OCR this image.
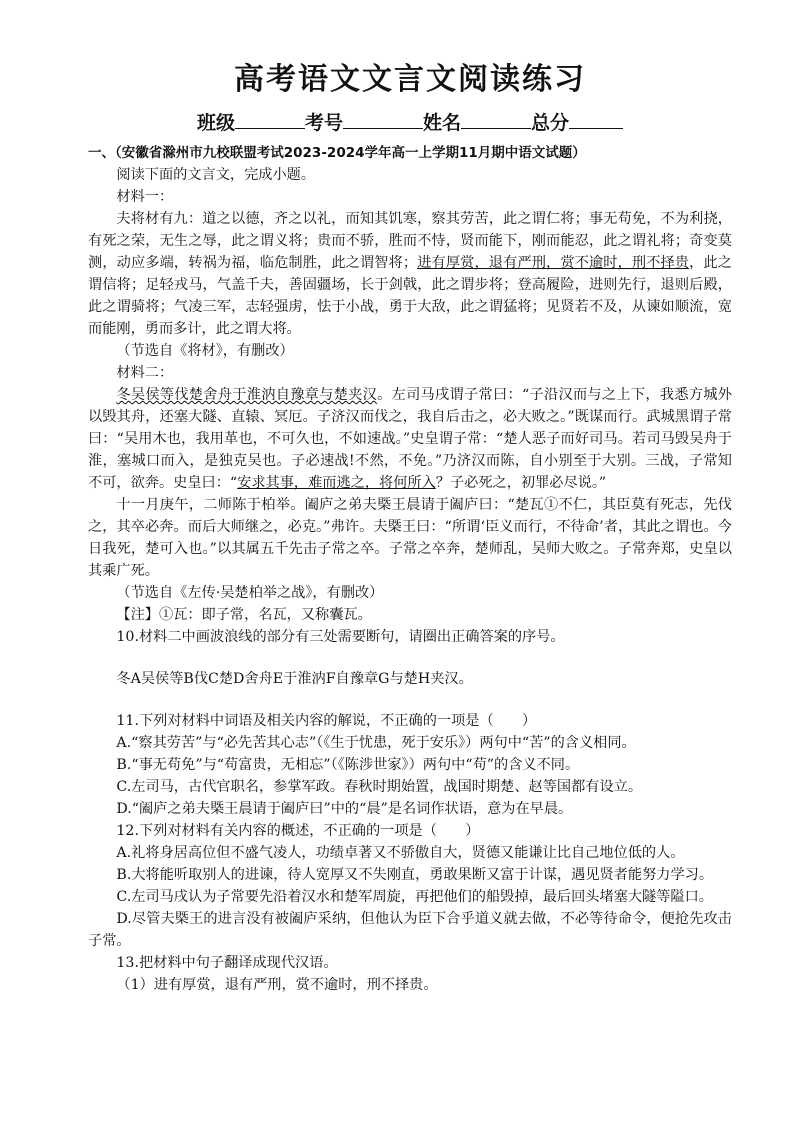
高考语文文言文阅读练习
班级	考号	姓名	总分

一、（安徽省滁州市九校联盟考试2023-2024学年高一上学期11月期中语文试题）

阅读下面的文言文，完成小题。

材料一：

夫将材有九：道之以德，齐之以礼，而知其饥寒，察其劳苦，此之谓仁将；事无苟免，不为利挠，有死之荣，无生之辱，此之谓义将；贵而不骄，胜而不恃，贤而能下，刚而能忍，此之谓礼将；奇变莫测，动应多端，转祸为福，临危制胜，此之谓智将；进有厚赏，退有严刑，赏不逾时，刑不择贵，此之谓信将；足轻戎马，气盖千夫，善固疆场，长于剑戟，此之谓步将；登高履险，进则先行，退则后殿，此之谓骑将；气凌三军，志轻强虏，怯于小战，勇于大敌，此之谓猛将；见贤若不及，从谏如顺流，宽而能刚，勇而多计，此之谓大将。

（节选自《将材》，有删改）

材料二：

冬吴侯等伐楚舍舟于淮汭自豫章与楚夹汉。左司马戌谓子常曰：“子沿汉而与之上下，我悉方城外以毁其舟，还塞大隧、直辕、冥厄。子济汉而伐之，我自后击之，必大败之。”既谋而行。武城黑谓子常曰：“吴用木也，我用革也，不可久也，不如速战。”史皇谓子常：“楚人恶子而好司马。若司马毁吴舟于淮，塞城口而入，是独克吴也。子必速战!不然，不免。”乃济汉而陈，自小别至于大别。三战，子常知不可，欲奔。史皇曰：“安求其事，难而逃之，将何所入？子必死之，初罪必尽说。”

十一月庚午，二师陈于柏举。阖庐之弟夫槩王晨请于阖庐曰：“楚瓦①不仁，其臣莫有死志，先伐之，其卒必奔。而后大师继之，必克。”弗许。夫槩王曰：“所谓‘臣义而行，不待命’者，其此之谓也。今日我死，楚可入也。”以其属五千先击子常之卒。子常之卒奔，楚师乱，吴师大败之。子常奔郑，史皇以其乘广死。

（节选自《左传·吴楚柏举之战》，有删改）

【注】①瓦：即子常，名瓦，又称囊瓦。

10.材料二中画波浪线的部分有三处需要断句，请圈出正确答案的序号。

冬A吴侯等B伐C楚D舍舟E于淮汭F自豫章G与楚H夹汉。

11.下列对材料中词语及相关内容的解说，不正确的一项是（　　）

A.“察其劳苦”与“必先苦其心志”（《生于忧患，死于安乐》）两句中“苦”的含义相同。

B.“事无苟免”与“苟富贵，无相忘”（《陈涉世家》）两句中“苟”的含义不同。

C.左司马，古代官职名，参掌军政。春秋时期始置，战国时期楚、赵等国都有设立。

D.“阖庐之弟夫槩王晨请于阖庐曰”中的“晨”是名词作状语，意为在早晨。

12.下列对材料有关内容的概述，不正确的一项是（　　）

A.礼将身居高位但不盛气凌人，功绩卓著又不骄傲自大，贤德又能谦让比自己地位低的人。

B.大将能听取别人的进谏，待人宽厚又不失刚直，勇敢果断又富于计谋，遇见贤者能努力学习。

C.左司马戌认为子常要先沿着汉水和楚军周旋，再把他们的船毁掉，最后回头堵塞大隧等隘口。

D.尽管夫槩王的进言没有被阖庐采纳，但他认为臣下合乎道义就去做，不必等待命令，便抢先攻击子常。

13.把材料中句子翻译成现代汉语。

（1）进有厚赏，退有严刑，赏不逾时，刑不择贵。
